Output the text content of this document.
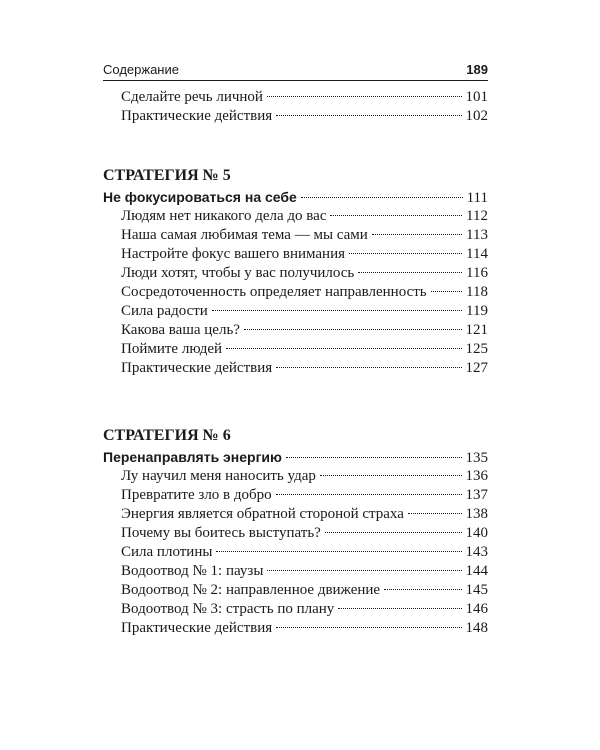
Содержание	189
Сделайте речь личной	101
Практические действия	102
СТРАТЕГИЯ № 5
Не фокусироваться на себе	111
Людям нет никакого дела до вас	112
Наша самая любимая тема — мы сами	113
Настройте фокус вашего внимания	114
Люди хотят, чтобы у вас получилось	116
Сосредоточенность определяет направленность	118
Сила радости	119
Какова ваша цель?	121
Поймите людей	125
Практические действия	127
СТРАТЕГИЯ № 6
Перенаправлять энергию	135
Лу научил меня наносить удар	136
Превратите зло в добро	137
Энергия является обратной стороной страха	138
Почему вы боитесь выступать?	140
Сила плотины	143
Водоотвод № 1: паузы	144
Водоотвод № 2: направленное движение	145
Водоотвод № 3: страсть по плану	146
Практические действия	148
